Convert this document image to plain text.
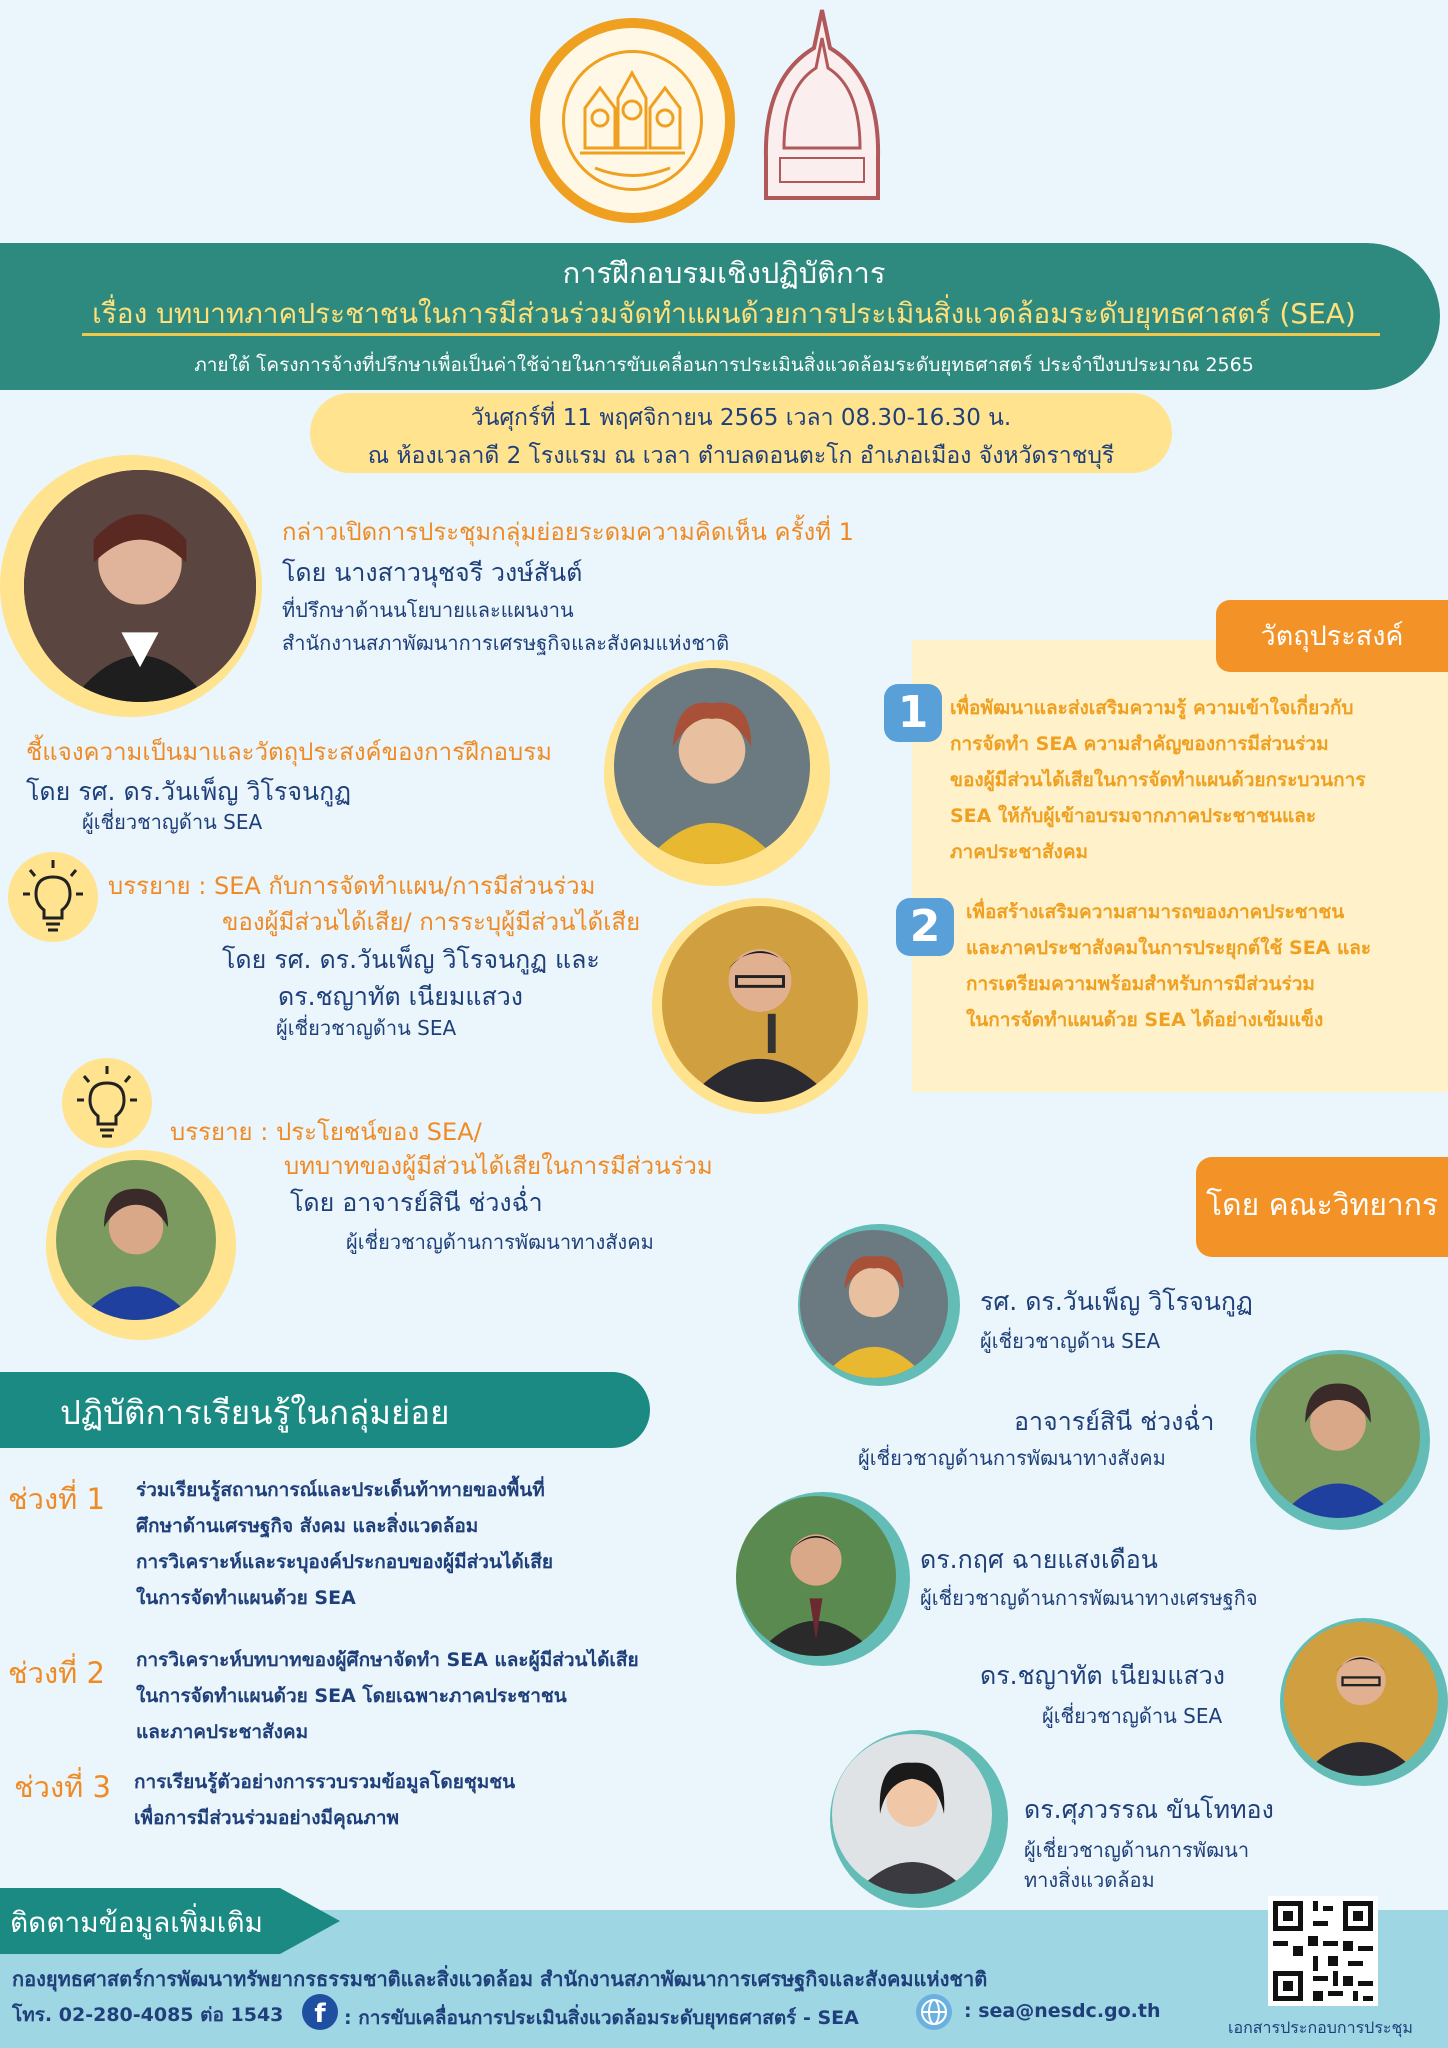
การฝึกอบรมเชิงปฏิบัติการ
เรื่อง บทบาทภาคประชาชนในการมีส่วนร่วมจัดทำแผนด้วยการประเมินสิ่งแวดล้อมระดับยุทธศาสตร์ (SEA)
ภายใต้ โครงการจ้างที่ปรึกษาเพื่อเป็นค่าใช้จ่ายในการขับเคลื่อนการประเมินสิ่งแวดล้อมระดับยุทธศาสตร์ ประจำปีงบประมาณ 2565
วันศุกร์ที่ 11 พฤศจิกายน 2565 เวลา 08.30-16.30 น.
ณ ห้องเวลาดี 2 โรงแรม ณ เวลา ตำบลดอนตะโก อำเภอเมือง จังหวัดราชบุรี
กล่าวเปิดการประชุมกลุ่มย่อยระดมความคิดเห็น ครั้งที่ 1
โดย นางสาวนุชจรี วงษ์สันต์
ที่ปรึกษาด้านนโยบายและแผนงาน
สำนักงานสภาพัฒนาการเศรษฐกิจและสังคมแห่งชาติ
ชี้แจงความเป็นมาและวัตถุประสงค์ของการฝึกอบรม
โดย รศ. ดร.วันเพ็ญ วิโรจนกูฏ
ผู้เชี่ยวชาญด้าน SEA
บรรยาย : SEA กับการจัดทำแผน/การมีส่วนร่วม
ของผู้มีส่วนได้เสีย/ การระบุผู้มีส่วนได้เสีย
โดย รศ. ดร.วันเพ็ญ วิโรจนกูฏ และ
ดร.ชญาทัต เนียมแสวง
ผู้เชี่ยวชาญด้าน SEA
บรรยาย : ประโยชน์ของ SEA/
บทบาทของผู้มีส่วนได้เสียในการมีส่วนร่วม
โดย อาจารย์สินี ช่วงฉ่ำ
ผู้เชี่ยวชาญด้านการพัฒนาทางสังคม
วัตถุประสงค์
1	เพื่อพัฒนาและส่งเสริมความรู้ ความเข้าใจเกี่ยวกับ
การจัดทำ SEA ความสำคัญของการมีส่วนร่วม
ของผู้มีส่วนได้เสียในการจัดทำแผนด้วยกระบวนการ
SEA ให้กับผู้เข้าอบรมจากภาคประชาชนและ
ภาคประชาสังคม
2	เพื่อสร้างเสริมความสามารถของภาคประชาชน
และภาคประชาสังคมในการประยุกต์ใช้ SEA และ
การเตรียมความพร้อมสำหรับการมีส่วนร่วม
ในการจัดทำแผนด้วย SEA ได้อย่างเข้มแข็ง
โดย คณะวิทยากร
รศ. ดร.วันเพ็ญ วิโรจนกูฏ
ผู้เชี่ยวชาญด้าน SEA
อาจารย์สินี ช่วงฉ่ำ
ผู้เชี่ยวชาญด้านการพัฒนาทางสังคม
ดร.กฤศ ฉายแสงเดือน
ผู้เชี่ยวชาญด้านการพัฒนาทางเศรษฐกิจ
ดร.ชญาทัต เนียมแสวง
ผู้เชี่ยวชาญด้าน SEA
ดร.ศุภวรรณ ขันโททอง
ผู้เชี่ยวชาญด้านการพัฒนา
ทางสิ่งแวดล้อม
ปฏิบัติการเรียนรู้ในกลุ่มย่อย
ช่วงที่ 1 ร่วมเรียนรู้สถานการณ์และประเด็นท้าทายของพื้นที่
ศึกษาด้านเศรษฐกิจ สังคม และสิ่งแวดล้อม
การวิเคราะห์และระบุองค์ประกอบของผู้มีส่วนได้เสีย
ในการจัดทำแผนด้วย SEA
ช่วงที่ 2 การวิเคราะห์บทบาทของผู้ศึกษาจัดทำ SEA และผู้มีส่วนได้เสีย
ในการจัดทำแผนด้วย SEA โดยเฉพาะภาคประชาชน
และภาคประชาสังคม
ช่วงที่ 3 การเรียนรู้ตัวอย่างการรวบรวมข้อมูลโดยชุมชน
เพื่อการมีส่วนร่วมอย่างมีคุณภาพ
ติดตามข้อมูลเพิ่มเติม
กองยุทธศาสตร์การพัฒนาทรัพยากรธรรมชาติและสิ่งแวดล้อม สำนักงานสภาพัฒนาการเศรษฐกิจและสังคมแห่งชาติ
โทร. 02-280-4085 ต่อ 1543	f : การขับเคลื่อนการประเมินสิ่งแวดล้อมระดับยุทธศาสตร์ - SEA	: sea@nesdc.go.th
เอกสารประกอบการประชุม
